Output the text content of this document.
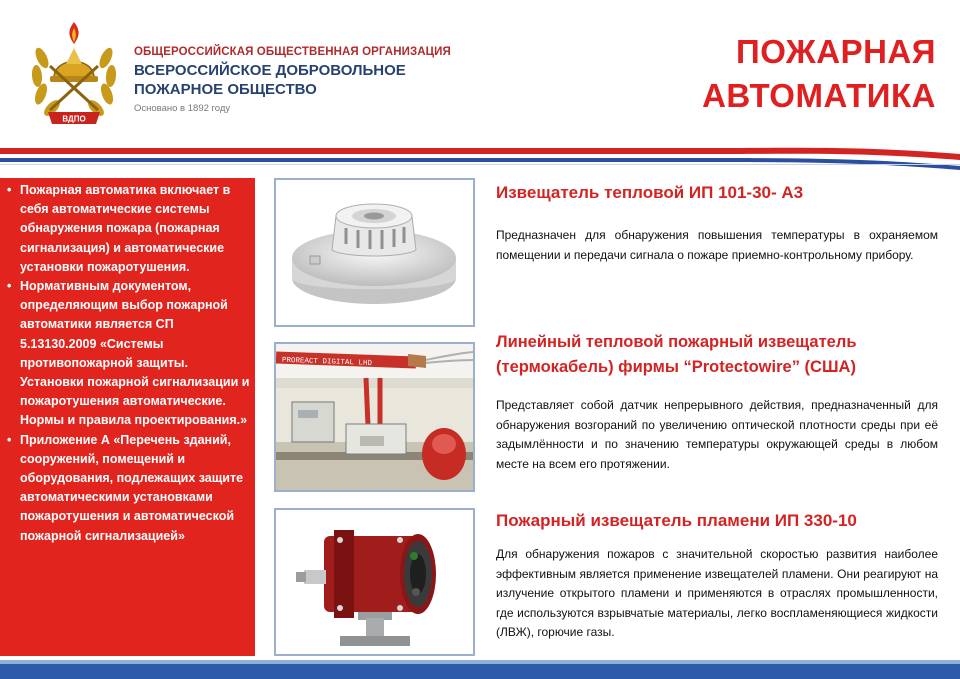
ВДПО
ОБЩЕРОССИЙСКАЯ ОБЩЕСТВЕННАЯ ОРГАНИЗАЦИЯ
ВСЕРОССИЙСКОЕ ДОБРОВОЛЬНОЕ
ПОЖАРНОЕ ОБЩЕСТВО
Основано в 1892 году
ПОЖАРНАЯ
АВТОМАТИКА
• Пожарная автоматика включает в себя автоматические системы обнаружения пожара (пожарная сигнализация) и автоматические установки пожаротушения.
• Нормативным документом, определяющим выбор пожарной автоматики является СП 5.13130.2009 «Системы противопожарной защиты. Установки пожарной сигнализации и пожаротушения автоматические. Нормы и правила проектирования.»
• Приложение А «Перечень зданий, сооружений, помещений и оборудования, подлежащих защите автоматическими установками пожаротушения и автоматической пожарной сигнализацией»
PROREACT DIGITAL LHD
Извещатель тепловой ИП 101-30- А3
Предназначен для обнаружения повышения температуры в охраняемом помещении и передачи сигнала о пожаре приемно-контрольному прибору.
Линейный тепловой пожарный извещатель
(термокабель) фирмы “Protectowire” (США)
Представляет собой датчик непрерывного действия, предназначенный для обнаружения возгораний по увеличению оптической плотности среды при её задымлённости и по значению температуры окружающей среды в любом месте на всем его протяжении.
Пожарный извещатель пламени ИП 330-10
Для обнаружения пожаров с значительной скоростью развития наиболее эффективным является применение извещателей пламени. Они реагируют на излучение открытого пламени и применяются в отраслях промышленности, где используются взрывчатые материалы, легко воспламеняющиеся жидкости (ЛВЖ), горючие газы.
